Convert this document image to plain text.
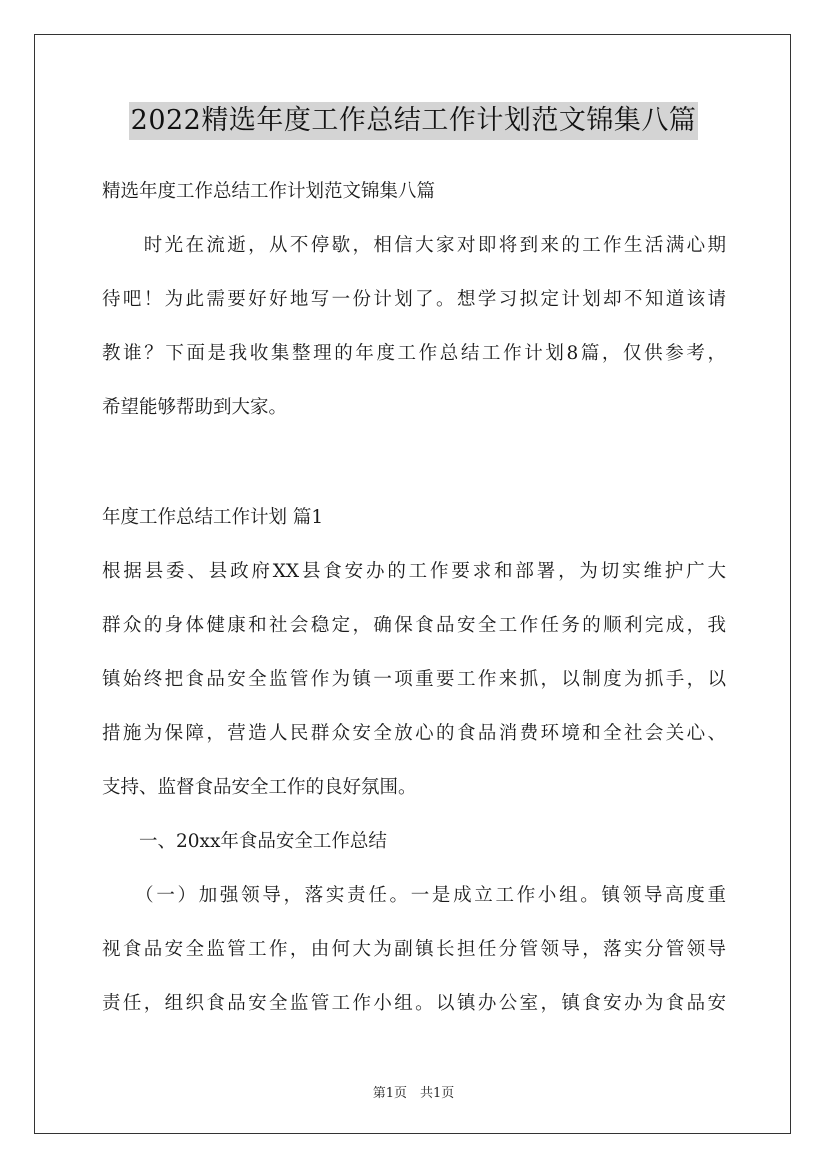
2022精选年度工作总结工作计划范文锦集八篇
精选年度工作总结工作计划范文锦集八篇
　　时光在流逝，从不停歇，相信大家对即将到来的工作生活满心期
待吧！为此需要好好地写一份计划了。想学习拟定计划却不知道该请
教谁？下面是我收集整理的年度工作总结工作计划8篇，仅供参考，
希望能够帮助到大家。
年度工作总结工作计划 篇1
根据县委、县政府XX县食安办的工作要求和部署，为切实维护广大
群众的身体健康和社会稳定，确保食品安全工作任务的顺利完成，我
镇始终把食品安全监管作为镇一项重要工作来抓，以制度为抓手，以
措施为保障，营造人民群众安全放心的食品消费环境和全社会关心、
支持、监督食品安全工作的良好氛围。
　　一、20xx年食品安全工作总结
　　（一）加强领导，落实责任。一是成立工作小组。镇领导高度重
视食品安全监管工作，由何大为副镇长担任分管领导，落实分管领导
责任，组织食品安全监管工作小组。以镇办公室，镇食安办为食品安
第1页　共1页
